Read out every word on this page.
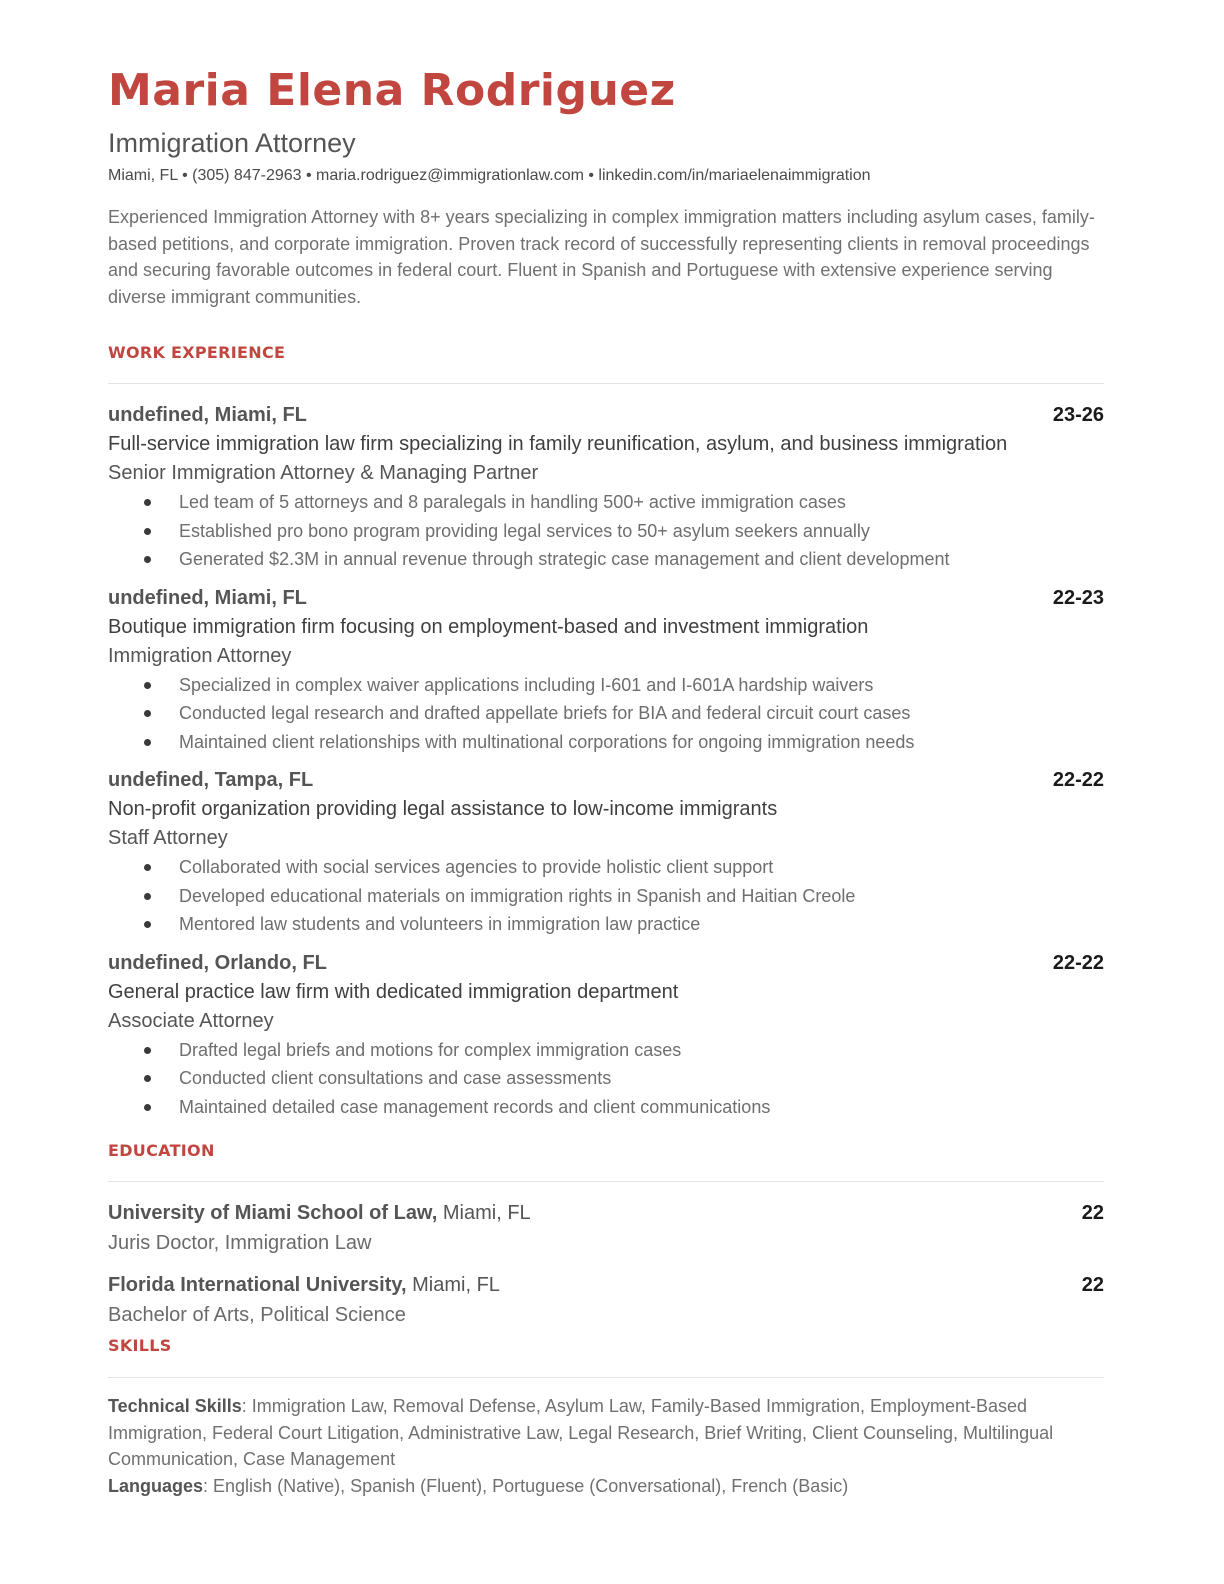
Maria Elena Rodriguez
Immigration Attorney
Miami, FL • (305) 847-2963 • maria.rodriguez@immigrationlaw.com • linkedin.com/in/mariaelenaimmigration
Experienced Immigration Attorney with 8+ years specializing in complex immigration matters including asylum cases, family-based petitions, and corporate immigration. Proven track record of successfully representing clients in removal proceedings and securing favorable outcomes in federal court. Fluent in Spanish and Portuguese with extensive experience serving diverse immigrant communities.
WORK EXPERIENCE
undefined, Miami, FL	23-26
Full-service immigration law firm specializing in family reunification, asylum, and business immigration
Senior Immigration Attorney & Managing Partner
Led team of 5 attorneys and 8 paralegals in handling 500+ active immigration cases
Established pro bono program providing legal services to 50+ asylum seekers annually
Generated $2.3M in annual revenue through strategic case management and client development
undefined, Miami, FL	22-23
Boutique immigration firm focusing on employment-based and investment immigration
Immigration Attorney
Specialized in complex waiver applications including I-601 and I-601A hardship waivers
Conducted legal research and drafted appellate briefs for BIA and federal circuit court cases
Maintained client relationships with multinational corporations for ongoing immigration needs
undefined, Tampa, FL	22-22
Non-profit organization providing legal assistance to low-income immigrants
Staff Attorney
Collaborated with social services agencies to provide holistic client support
Developed educational materials on immigration rights in Spanish and Haitian Creole
Mentored law students and volunteers in immigration law practice
undefined, Orlando, FL	22-22
General practice law firm with dedicated immigration department
Associate Attorney
Drafted legal briefs and motions for complex immigration cases
Conducted client consultations and case assessments
Maintained detailed case management records and client communications
EDUCATION
University of Miami School of Law, Miami, FL	22
Juris Doctor, Immigration Law
Florida International University, Miami, FL	22
Bachelor of Arts, Political Science
SKILLS

Technical Skills: Immigration Law, Removal Defense, Asylum Law, Family-Based Immigration, Employment-Based Immigration, Federal Court Litigation, Administrative Law, Legal Research, Brief Writing, Client Counseling, Multilingual Communication, Case Management

Languages: English (Native), Spanish (Fluent), Portuguese (Conversational), French (Basic)
